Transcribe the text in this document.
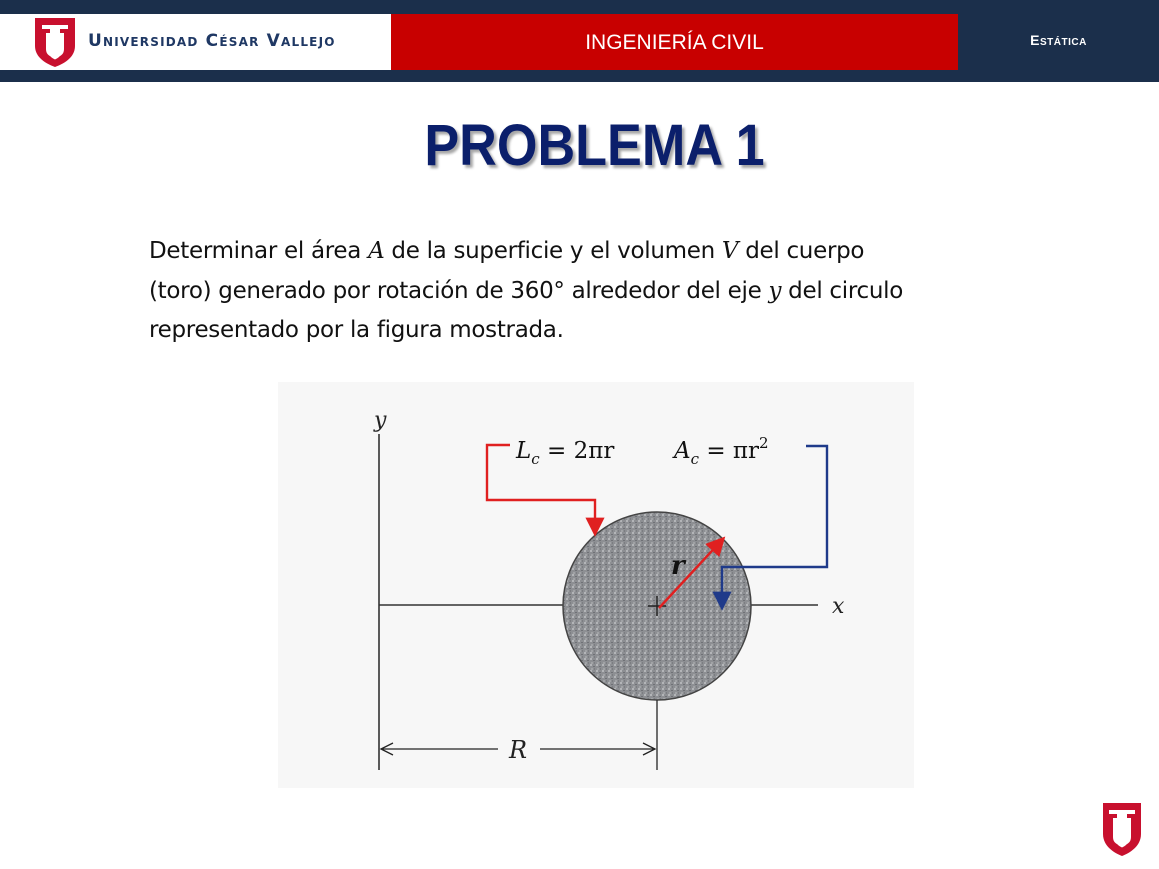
Universidad César Vallejo	INGENIERÍA CIVIL	Estática
PROBLEMA 1
Determinar el área A de la superficie y el volumen V del cuerpo
(toro) generado por rotación de 360° alrededor del eje y del circulo
representado por la figura mostrada.
y
x
R
r
$L_c = 2\pi r$	$A_c = \pi r^2$
